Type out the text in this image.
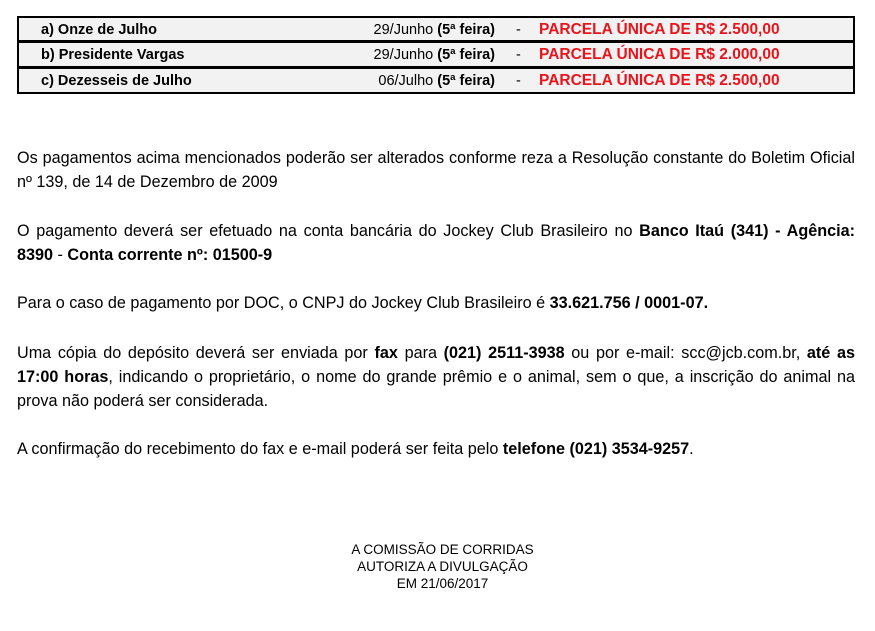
a) Onze de Julho	29/Junho (5ª feira) - PARCELA ÚNICA DE R$ 2.500,00
b) Presidente Vargas	29/Junho (5ª feira) - PARCELA ÚNICA DE R$ 2.000,00
c) Dezesseis de Julho	06/Julho (5ª feira) - PARCELA ÚNICA DE R$ 2.500,00

Os pagamentos acima mencionados poderão ser alterados conforme reza a Resolução constante do Boletim Oficial nº 139, de 14 de Dezembro de 2009

O pagamento deverá ser efetuado na conta bancária do Jockey Club Brasileiro no Banco Itaú (341) - Agência: 8390 - Conta corrente nº: 01500-9

Para o caso de pagamento por DOC, o CNPJ do Jockey Club Brasileiro é 33.621.756 / 0001-07.

Uma cópia do depósito deverá ser enviada por fax para (021) 2511-3938 ou por e-mail: scc@jcb.com.br, até as 17:00 horas, indicando o proprietário, o nome do grande prêmio e o animal, sem o que, a inscrição do animal na prova não poderá ser considerada.

A confirmação do recebimento do fax e e-mail poderá ser feita pelo telefone (021) 3534-9257.

A COMISSÃO DE CORRIDAS
AUTORIZA A DIVULGAÇÃO
EM 21/06/2017
